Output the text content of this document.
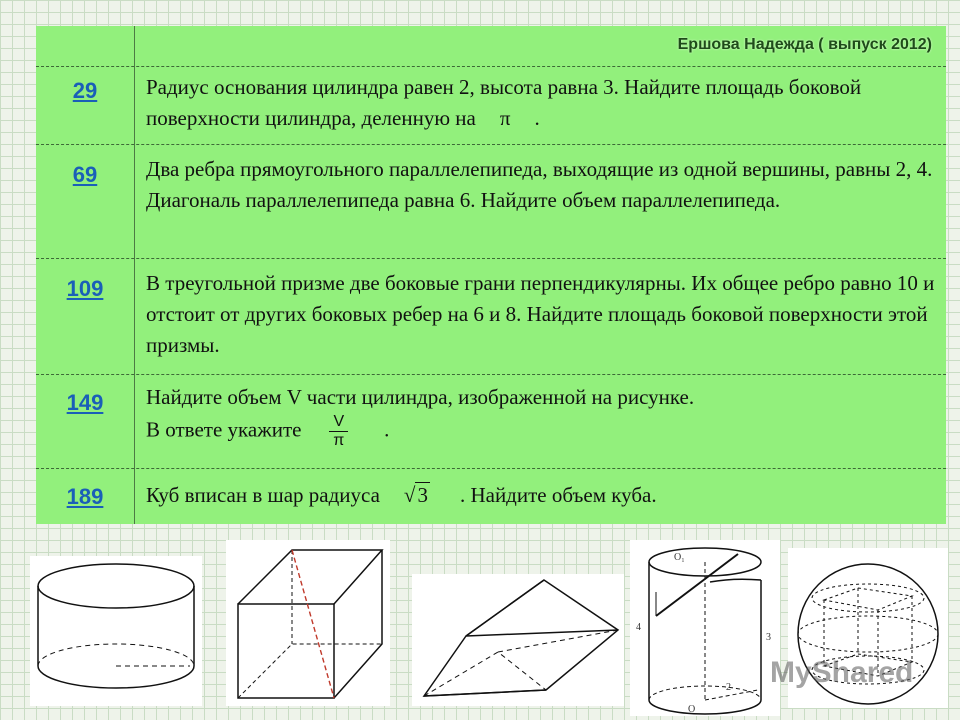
Ершова Надежда ( выпуск 2012)
29	Радиус основания цилиндра равен 2, высота равна 3. Найдите площадь боковой поверхности цилиндра, деленную на π .
69	Два ребра прямоугольного параллелепипеда, выходящие из одной вершины, равны 2, 4. Диагональ параллелепипеда равна 6. Найдите объем параллелепипеда.
109	В треугольной призме две боковые грани перпендикулярны. Их общее ребро равно 10 и отстоит от других боковых ребер на 6 и 8. Найдите площадь боковой поверхности этой призмы.
149	Найдите объем V части цилиндра, изображенной на рисунке.
В ответе укажите $\frac{V}{\pi}$ .
189	Куб вписан в шар радиуса √3 . Найдите объем куба.
O₁
O
4
3
2 MyShared
